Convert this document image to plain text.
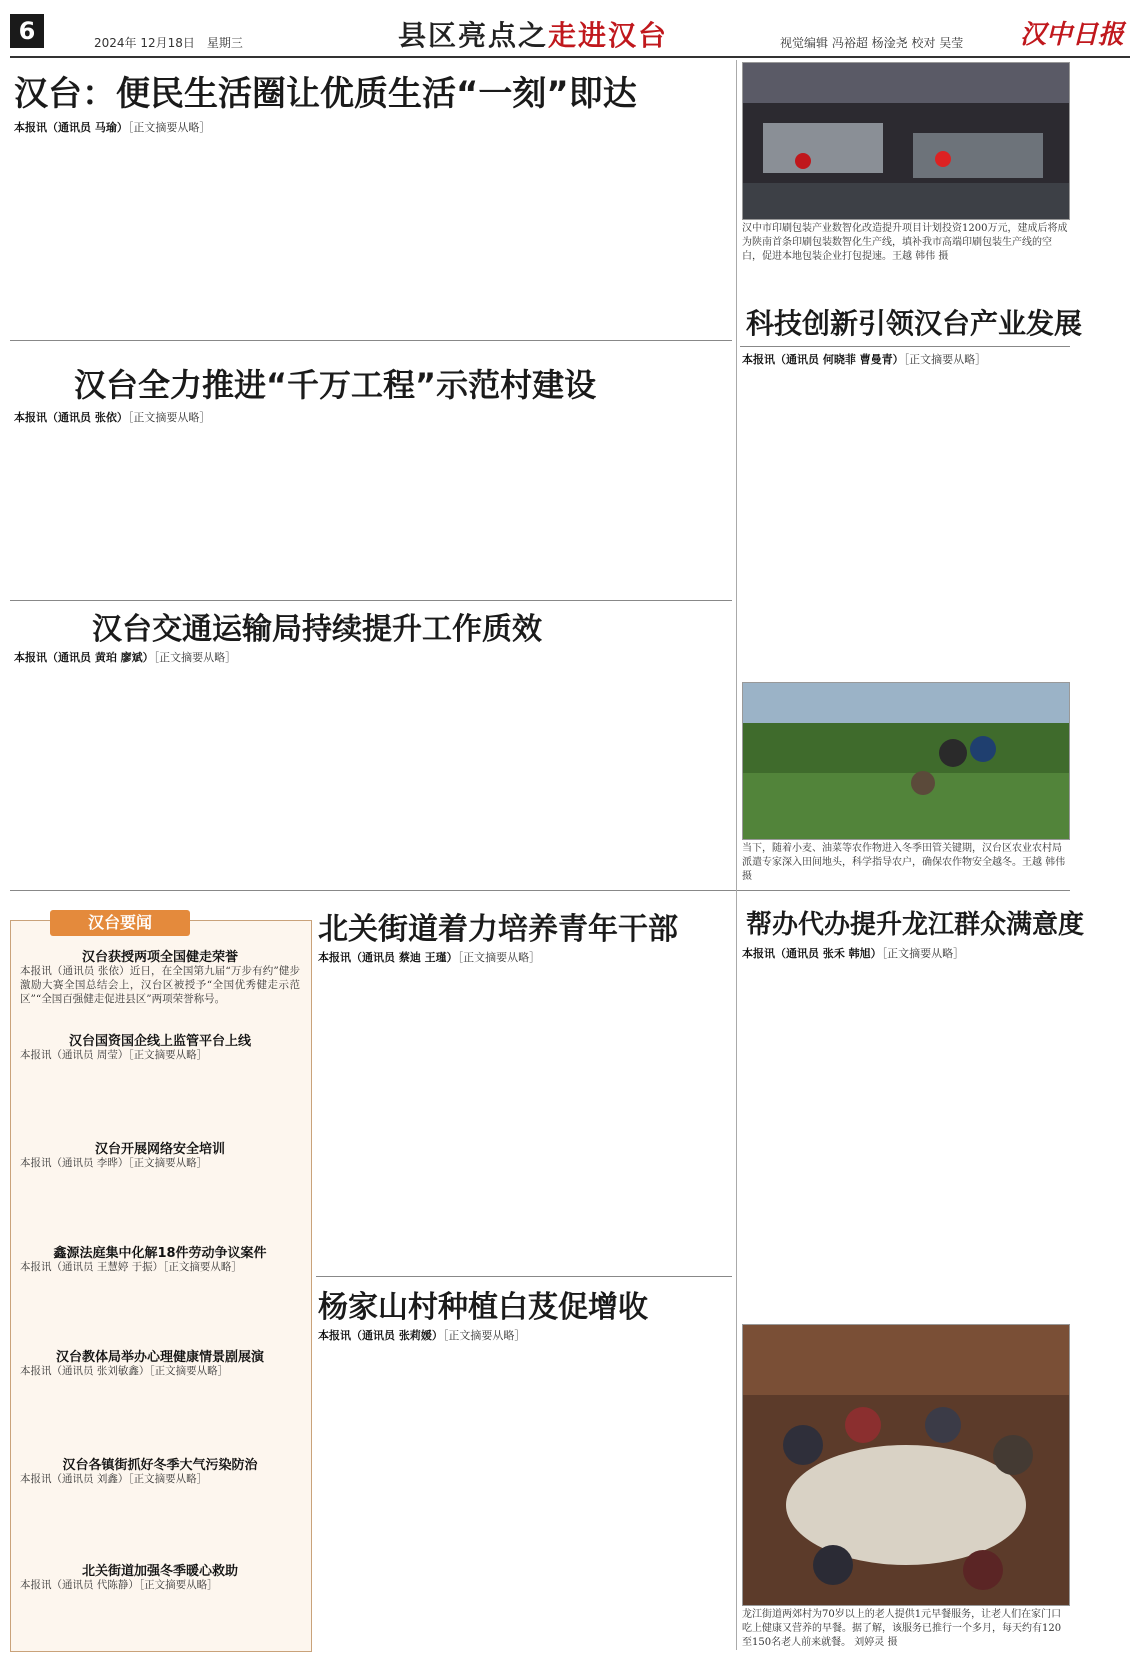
6	2024年 12月18日　星期三	县区亮点之走进汉台	视觉编辑 冯裕超 杨淦尧 校对 吴莹 汉中日报
汉台：便民生活圈让优质生活“一刻”即达
本报讯（通讯员 马瑜）［正文摘要从略］
汉中市印刷包装产业数智化改造提升项目计划投资1200万元，建成后将成为陕南首条印刷包装数智化生产线，填补我市高端印刷包装生产线的空白，促进本地包装企业打包提速。王越 韩伟 摄
科技创新引领汉台产业发展
汉台全力推进“千万工程”示范村建设
本报讯（通讯员 张依）［正文摘要从略］
汉台交通运输局持续提升工作质效
本报讯（通讯员 黄珀 廖斌）［正文摘要从略］
本报讯（通讯员 何晓菲 曹曼青）［正文摘要从略］
当下，随着小麦、油菜等农作物进入冬季田管关键期，汉台区农业农村局派遣专家深入田间地头，科学指导农户，确保农作物安全越冬。王越 韩伟 摄
汉台要闻
汉台获授两项全国健走荣誉
本报讯（通讯员 张依）近日，在全国第九届“万步有约”健步激励大赛全国总结会上，汉台区被授予“全国优秀健走示范区”“全国百强健走促进县区”两项荣誉称号。
汉台国资国企线上监管平台上线
本报讯（通讯员 周莹）［正文摘要从略］
汉台开展网络安全培训
本报讯（通讯员 李晔）［正文摘要从略］
鑫源法庭集中化解18件劳动争议案件
本报讯（通讯员 王慧婷 于振）［正文摘要从略］
汉台教体局举办心理健康情景剧展演
本报讯（通讯员 张刘敏鑫）［正文摘要从略］
汉台各镇街抓好冬季大气污染防治
本报讯（通讯员 刘鑫）［正文摘要从略］
北关街道加强冬季暖心救助
本报讯（通讯员 代陈静）［正文摘要从略］
北关街道着力培养青年干部
本报讯（通讯员 蔡迪 王瑾）［正文摘要从略］
杨家山村种植白芨促增收
本报讯（通讯员 张莉媛）［正文摘要从略］
帮办代办提升龙江群众满意度
本报讯（通讯员 张禾 韩旭）［正文摘要从略］
龙江街道两郊村为70岁以上的老人提供1元早餐服务，让老人们在家门口吃上健康又营养的早餐。据了解，该服务已推行一个多月，每天约有120至150名老人前来就餐。 刘婷灵 摄
